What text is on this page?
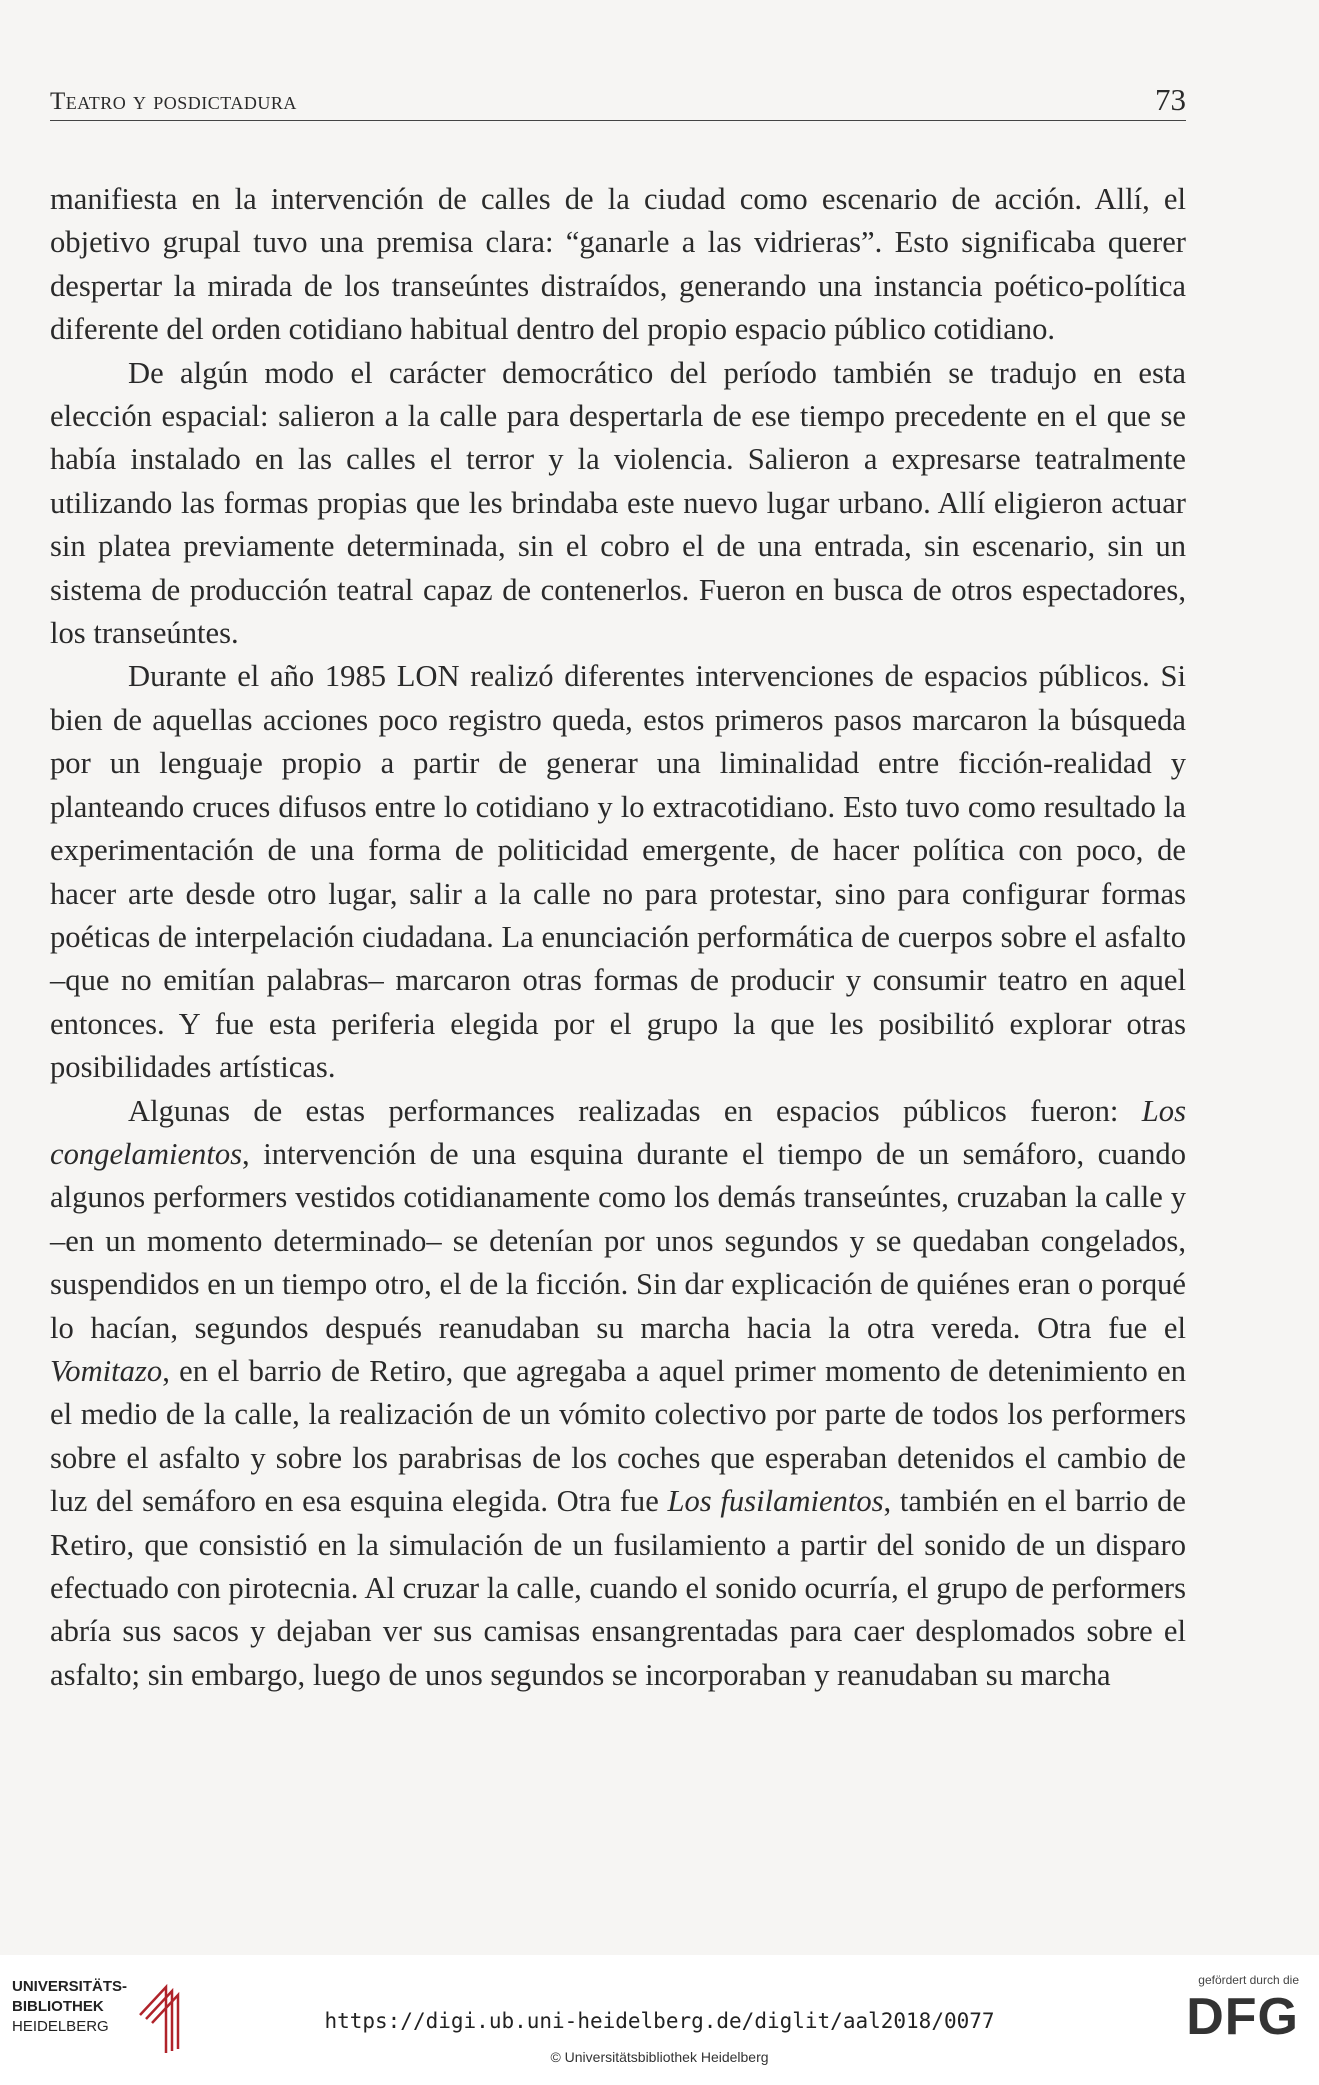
Teatro y posdictadura	73

manifiesta en la intervención de calles de la ciudad como escenario de acción. Allí, el objetivo grupal tuvo una premisa clara: “ganarle a las vidrieras”. Esto significaba querer despertar la mirada de los transeúntes distraídos, generando una instancia poético-política diferente del orden cotidiano habitual dentro del propio espacio público cotidiano.

De algún modo el carácter democrático del período también se tradujo en esta elección espacial: salieron a la calle para despertarla de ese tiempo precedente en el que se había instalado en las calles el terror y la violencia. Salieron a expresarse teatralmente utilizando las formas propias que les brindaba este nuevo lugar urbano. Allí eligieron actuar sin platea previamente determinada, sin el cobro el de una entrada, sin escenario, sin un sistema de producción teatral capaz de contenerlos. Fueron en busca de otros espectadores, los transeúntes.

Durante el año 1985 LON realizó diferentes intervenciones de espacios públicos. Si bien de aquellas acciones poco registro queda, estos primeros pasos marcaron la búsqueda por un lenguaje propio a partir de generar una liminalidad entre ficción-realidad y planteando cruces difusos entre lo cotidiano y lo extracotidiano. Esto tuvo como resultado la experimentación de una forma de politicidad emergente, de hacer política con poco, de hacer arte desde otro lugar, salir a la calle no para protestar, sino para configurar formas poéticas de interpelación ciudadana. La enunciación performática de cuerpos sobre el asfalto –que no emitían palabras– marcaron otras formas de producir y consumir teatro en aquel entonces. Y fue esta periferia elegida por el grupo la que les posibilitó explorar otras posibilidades artísticas.

Algunas de estas performances realizadas en espacios públicos fueron: Los congelamientos, intervención de una esquina durante el tiempo de un semáforo, cuando algunos performers vestidos cotidianamente como los demás transeúntes, cruzaban la calle y –en un momento determinado– se detenían por unos segundos y se quedaban congelados, suspendidos en un tiempo otro, el de la ficción. Sin dar explicación de quiénes eran o porqué lo hacían, segundos después reanudaban su marcha hacia la otra vereda. Otra fue el Vomitazo, en el barrio de Retiro, que agregaba a aquel primer momento de detenimiento en el medio de la calle, la realización de un vómito colectivo por parte de todos los performers sobre el asfalto y sobre los parabrisas de los coches que esperaban detenidos el cambio de luz del semáforo en esa esquina elegida. Otra fue Los fusilamientos, también en el barrio de Retiro, que consistió en la simulación de un fusilamiento a partir del sonido de un disparo efectuado con pirotecnia. Al cruzar la calle, cuando el sonido ocurría, el grupo de performers abría sus sacos y dejaban ver sus camisas ensangrentadas para caer desplomados sobre el asfalto; sin embargo, luego de unos segundos se incorporaban y reanudaban su marcha

UNIVERSITÄTS-
BIBLIOTHEK
HEIDELBERG	https://digi.ub.uni-heidelberg.de/diglit/aal2018/0077
© Universitätsbibliothek Heidelberg
gefördert durch die
DFG
